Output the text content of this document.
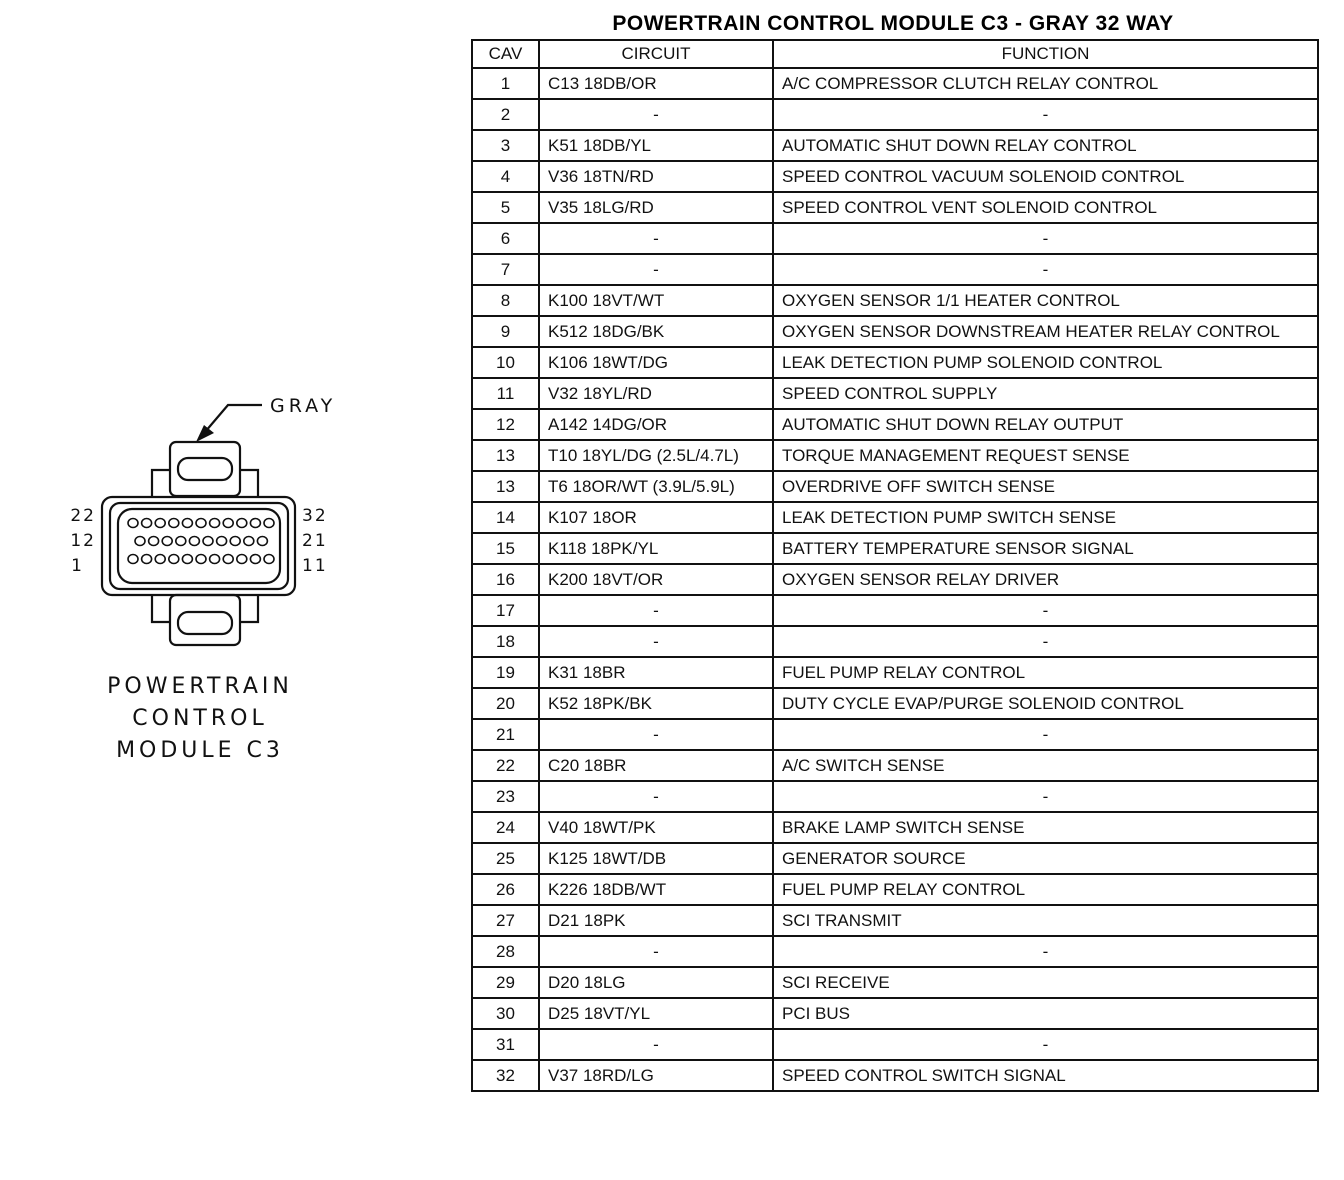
GRAY
22
12
1
32
21
11
POWERTRAIN
CONTROL
MODULE C3
POWERTRAIN CONTROL MODULE C3 - GRAY 32 WAY
CAV	CIRCUIT	FUNCTION
1	C13 18DB/OR	A/C COMPRESSOR CLUTCH RELAY CONTROL
2	-	-
3	K51 18DB/YL	AUTOMATIC SHUT DOWN RELAY CONTROL
4	V36 18TN/RD	SPEED CONTROL VACUUM SOLENOID CONTROL
5	V35 18LG/RD	SPEED CONTROL VENT SOLENOID CONTROL
6	-	-
7	-	-
8	K100 18VT/WT	OXYGEN SENSOR 1/1 HEATER CONTROL
9	K512 18DG/BK	OXYGEN SENSOR DOWNSTREAM HEATER RELAY CONTROL
10	K106 18WT/DG	LEAK DETECTION PUMP SOLENOID CONTROL
11	V32 18YL/RD	SPEED CONTROL SUPPLY
12	A142 14DG/OR	AUTOMATIC SHUT DOWN RELAY OUTPUT
13	T10 18YL/DG (2.5L/4.7L)	TORQUE MANAGEMENT REQUEST SENSE
13	T6 18OR/WT (3.9L/5.9L)	OVERDRIVE OFF SWITCH SENSE
14	K107 18OR	LEAK DETECTION PUMP SWITCH SENSE
15	K118 18PK/YL	BATTERY TEMPERATURE SENSOR SIGNAL
16	K200 18VT/OR	OXYGEN SENSOR RELAY DRIVER
17	-	-
18	-	-
19	K31 18BR	FUEL PUMP RELAY CONTROL
20	K52 18PK/BK	DUTY CYCLE EVAP/PURGE SOLENOID CONTROL
21	-	-
22	C20 18BR	A/C SWITCH SENSE
23	-	-
24	V40 18WT/PK	BRAKE LAMP SWITCH SENSE
25	K125 18WT/DB	GENERATOR SOURCE
26	K226 18DB/WT	FUEL PUMP RELAY CONTROL
27	D21 18PK	SCI TRANSMIT
28	-	-
29	D20 18LG	SCI RECEIVE
30	D25 18VT/YL	PCI BUS
31	-	-
32	V37 18RD/LG	SPEED CONTROL SWITCH SIGNAL
